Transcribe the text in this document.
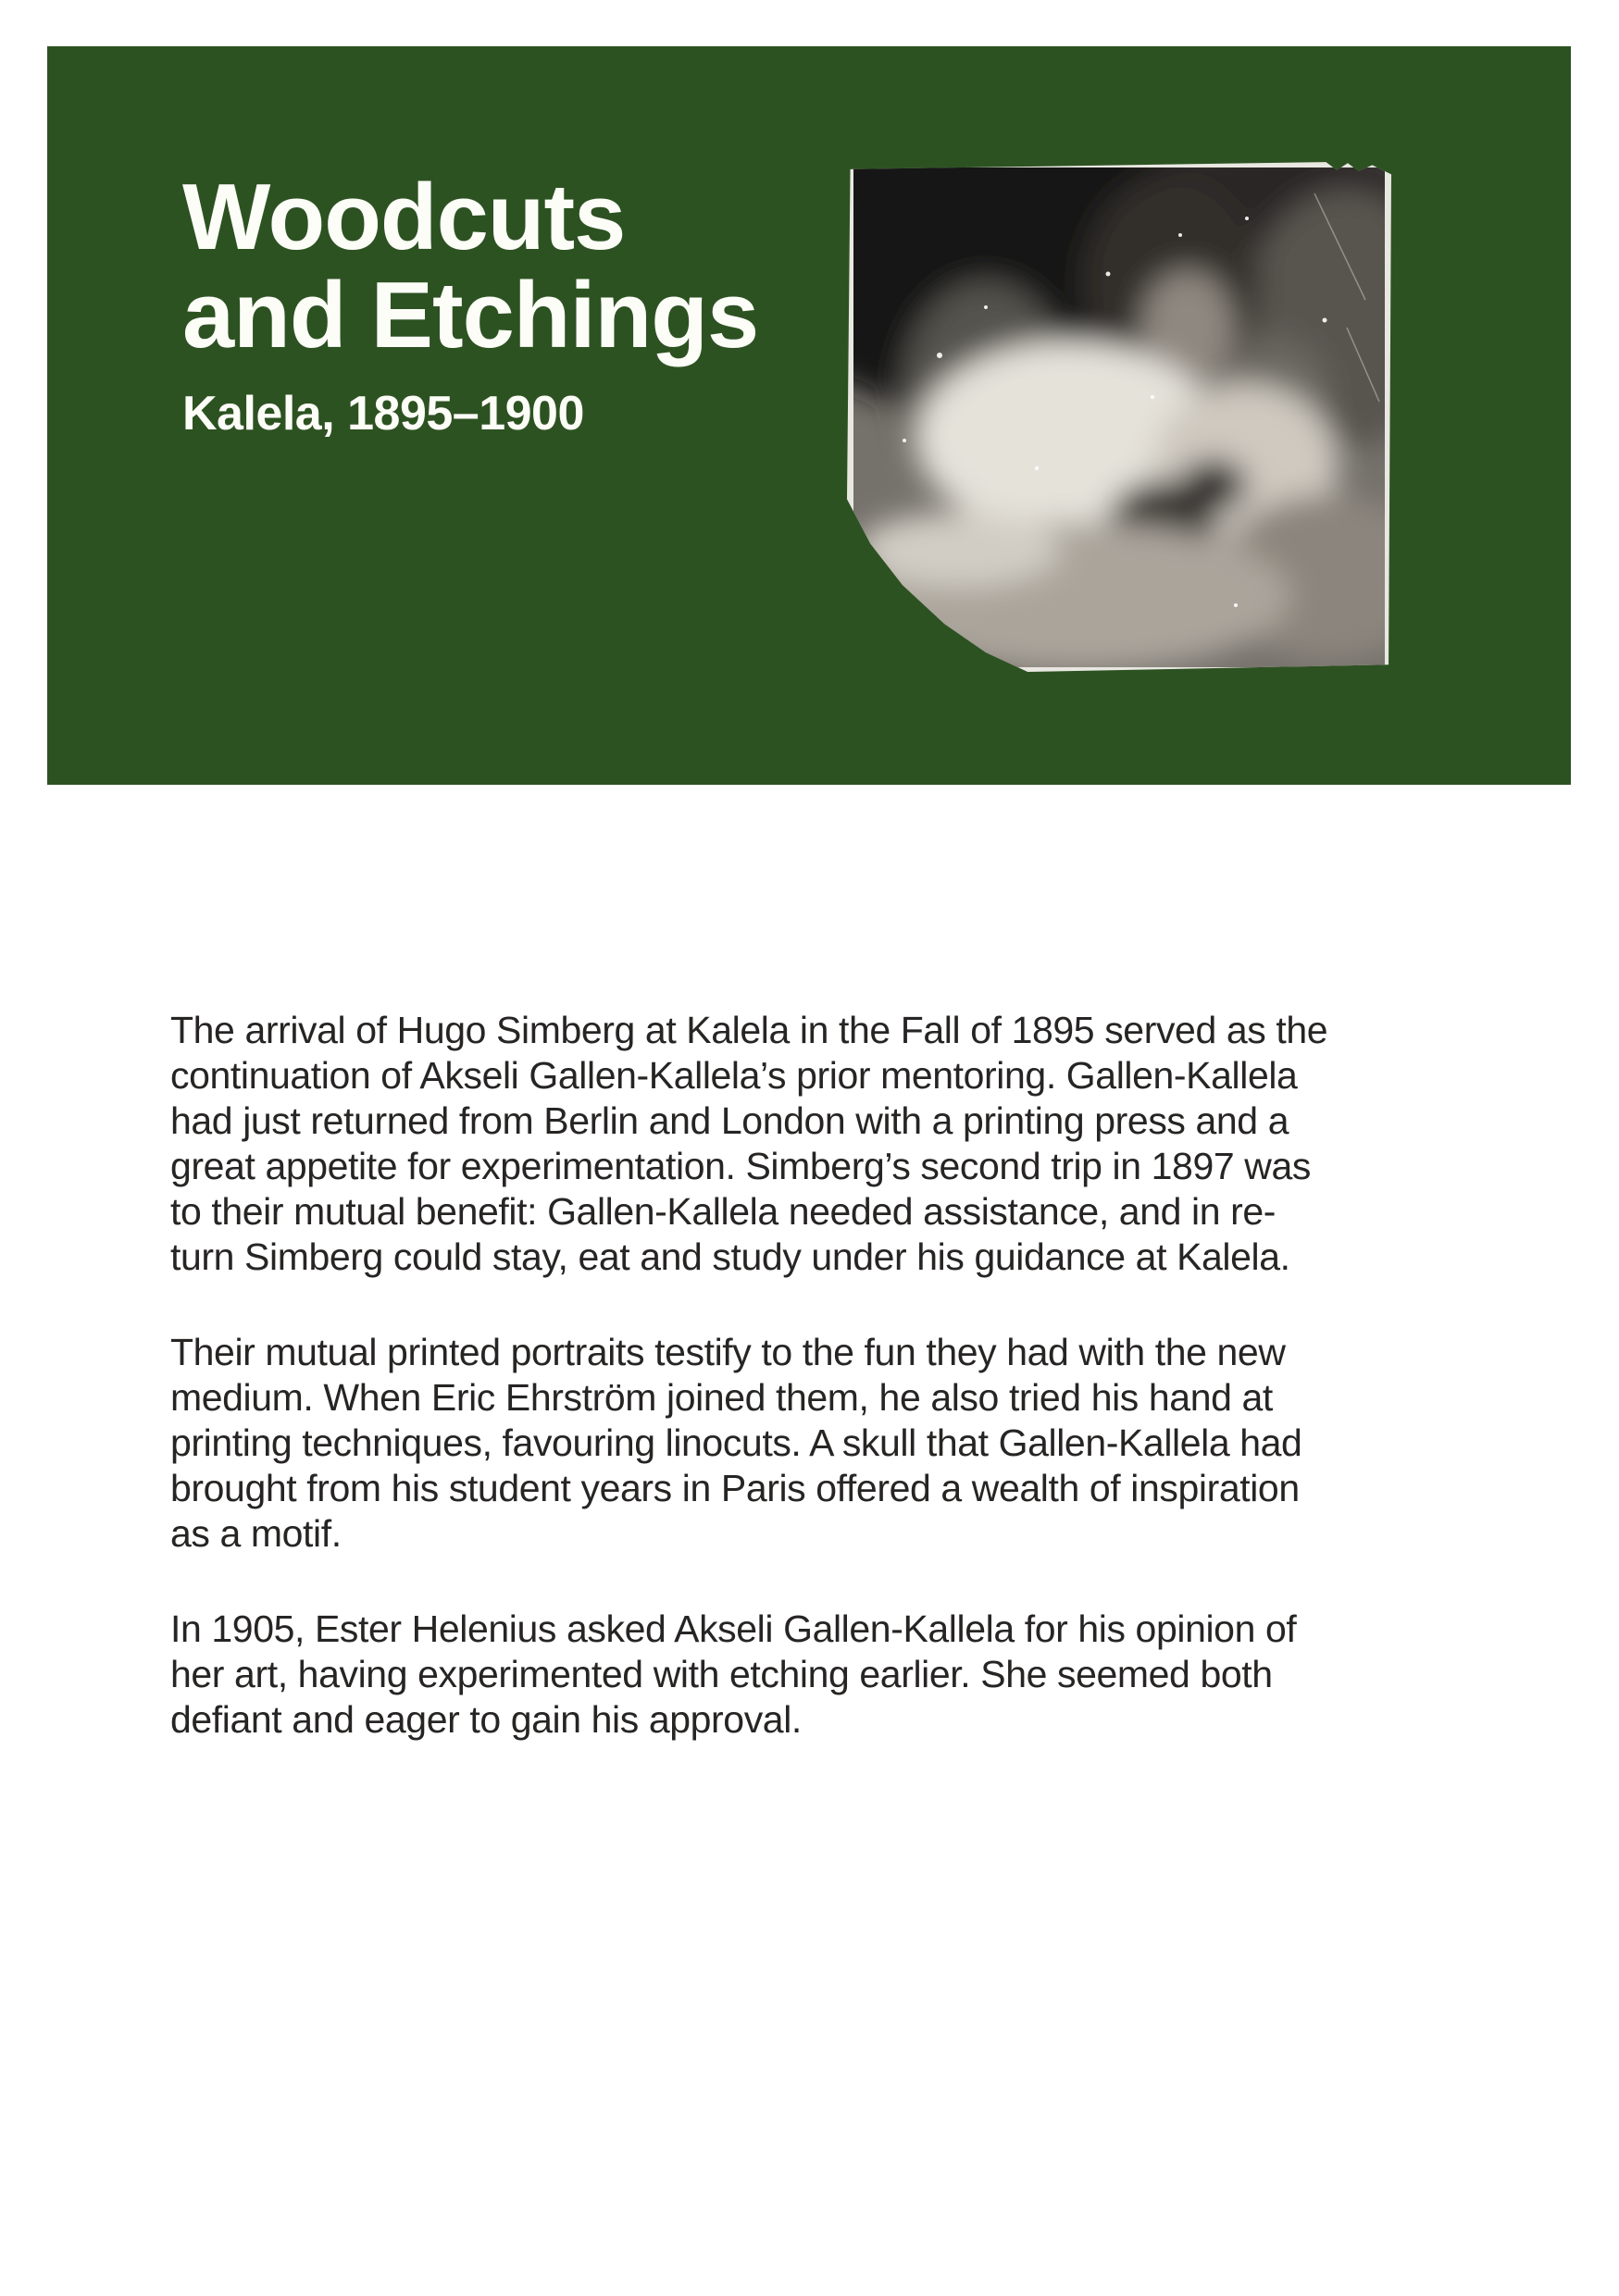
Woodcuts
and Etchings

Kalela, 1895–1900

The arrival of Hugo Simberg at Kalela in the Fall of 1895 served as the
continuation of Akseli Gallen-Kallela’s prior mentoring. Gallen-Kallela
had just returned from Berlin and London with a printing press and a
great appetite for experimentation. Simberg’s second trip in 1897 was
to their mutual benefit: Gallen-Kallela needed assistance, and in re-
turn Simberg could stay, eat and study under his guidance at Kalela.

Their mutual printed portraits testify to the fun they had with the new
medium. When Eric Ehrström joined them, he also tried his hand at
printing techniques, favouring linocuts. A skull that Gallen-Kallela had
brought from his student years in Paris offered a wealth of inspiration
as a motif.

In 1905, Ester Helenius asked Akseli Gallen-Kallela for his opinion of
her art, having experimented with etching earlier. She seemed both
defiant and eager to gain his approval.
